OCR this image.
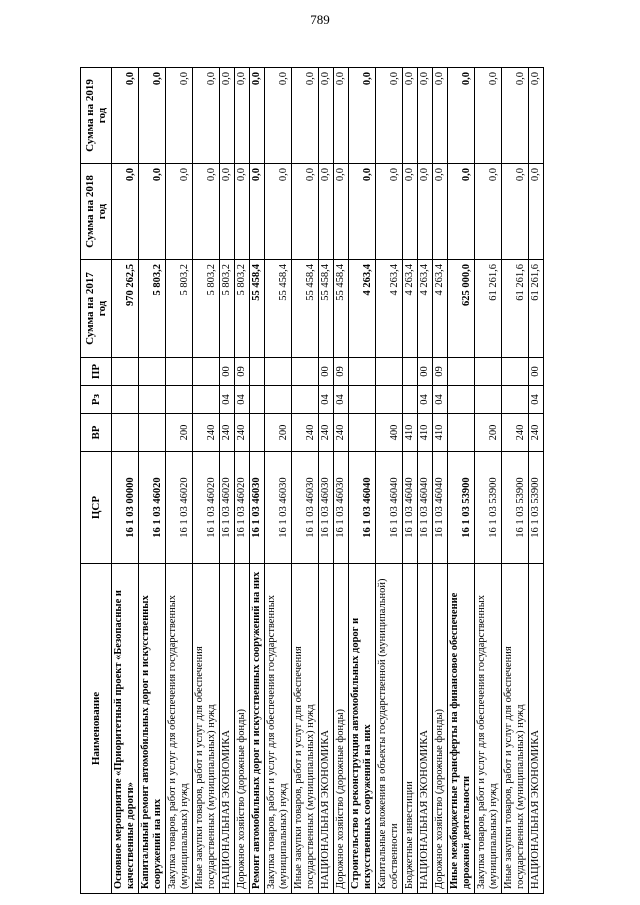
789
Наименование	ЦСР	ВР	Рз	ПР	Сумма на 2017 год	Сумма на 2018 год	Сумма на 2019 год
Основное мероприятие «Приоритетный проект «Безопасные и качественные дороги»	16 1 03 00000				970 262,5	0,0	0,0
Капитальный ремонт автомобильных дорог и искусственных сооружений на них	16 1 03 46020				5 803,2	0,0	0,0
Закупка товаров, работ и услуг для обеспечения государственных (муниципальных) нужд	16 1 03 46020	200			5 803,2	0,0	0,0
Иные закупки товаров, работ и услуг для обеспечения государственных (муниципальных) нужд	16 1 03 46020	240			5 803,2	0,0	0,0
НАЦИОНАЛЬНАЯ ЭКОНОМИКА	16 1 03 46020	240	04	00	5 803,2	0,0	0,0
Дорожное хозяйство (дорожные фонды)	16 1 03 46020	240	04	09	5 803,2	0,0	0,0
Ремонт автомобильных дорог и искусственных сооружений на них	16 1 03 46030				55 458,4	0,0	0,0
Закупка товаров, работ и услуг для обеспечения государственных (муниципальных) нужд	16 1 03 46030	200			55 458,4	0,0	0,0
Иные закупки товаров, работ и услуг для обеспечения государственных (муниципальных) нужд	16 1 03 46030	240			55 458,4	0,0	0,0
НАЦИОНАЛЬНАЯ ЭКОНОМИКА	16 1 03 46030	240	04	00	55 458,4	0,0	0,0
Дорожное хозяйство (дорожные фонды)	16 1 03 46030	240	04	09	55 458,4	0,0	0,0
Строительство и реконструкция автомобильных дорог и искусственных сооружений на них	16 1 03 46040				4 263,4	0,0	0,0
Капитальные вложения в объекты государственной (муниципальной) собственности	16 1 03 46040	400			4 263,4	0,0	0,0
Бюджетные инвестиции	16 1 03 46040	410			4 263,4	0,0	0,0
НАЦИОНАЛЬНАЯ ЭКОНОМИКА	16 1 03 46040	410	04	00	4 263,4	0,0	0,0
Дорожное хозяйство (дорожные фонды)	16 1 03 46040	410	04	09	4 263,4	0,0	0,0
Иные межбюджетные трансферты на финансовое обеспечение дорожной деятельности	16 1 03 53900				625 000,0	0,0	0,0
Закупка товаров, работ и услуг для обеспечения государственных (муниципальных) нужд	16 1 03 53900	200			61 261,6	0,0	0,0
Иные закупки товаров, работ и услуг для обеспечения государственных (муниципальных) нужд	16 1 03 53900	240			61 261,6	0,0	0,0
НАЦИОНАЛЬНАЯ ЭКОНОМИКА	16 1 03 53900	240	04	00	61 261,6	0,0	0,0
